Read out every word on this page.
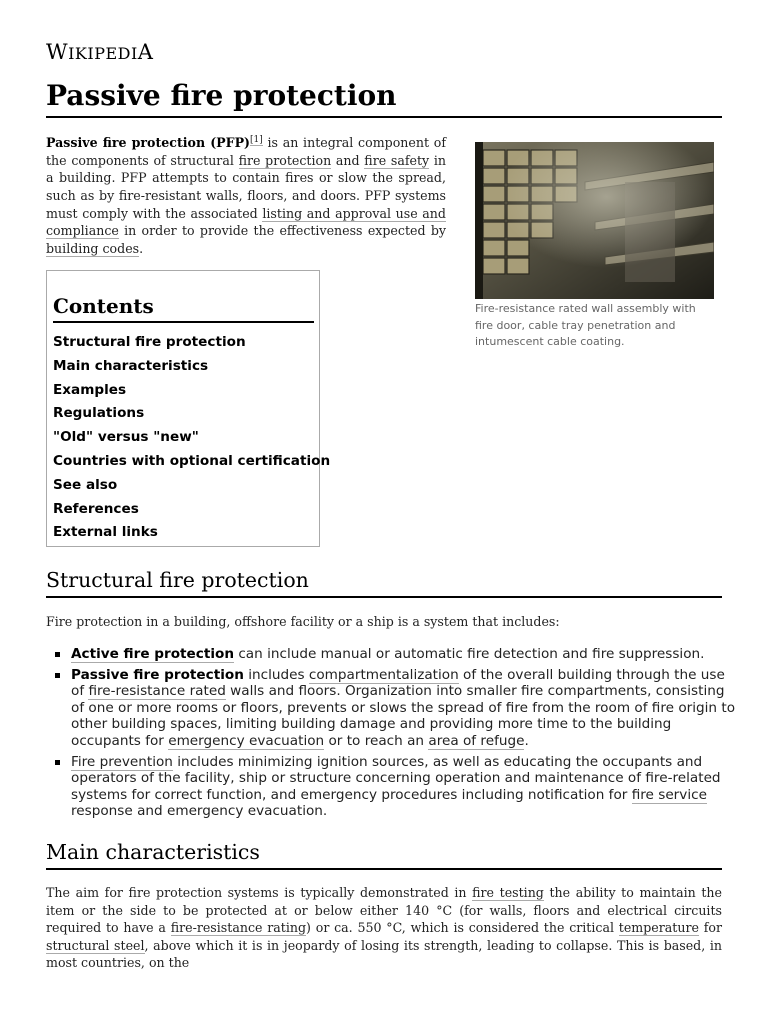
WIKIPEDIA
Passive fire protection

Passive fire protection (PFP)[1] is an integral component of the components of structural fire protection and fire safety in a building. PFP attempts to contain fires or slow the spread, such as by fire-resistant walls, floors, and doors. PFP systems must comply with the associated listing and approval use and compliance in order to provide the effectiveness expected by building codes.

Fire-resistance rated wall assembly with fire door, cable tray penetration and intumescent cable coating.
Contents
Structural fire protection
Main characteristics
Examples
Regulations
"Old" versus "new"
Countries with optional certification
See also
References
External links
Structural fire protection

Fire protection in a building, offshore facility or a ship is a system that includes:

Active fire protection can include manual or automatic fire detection and fire suppression.
Passive fire protection includes compartmentalization of the overall building through the use of fire-resistance rated walls and floors. Organization into smaller fire compartments, consisting of one or more rooms or floors, prevents or slows the spread of fire from the room of fire origin to other building spaces, limiting building damage and providing more time to the building occupants for emergency evacuation or to reach an area of refuge.
Fire prevention includes minimizing ignition sources, as well as educating the occupants and operators of the facility, ship or structure concerning operation and maintenance of fire-related systems for correct function, and emergency procedures including notification for fire service response and emergency evacuation.
Main characteristics

The aim for fire protection systems is typically demonstrated in fire testing the ability to maintain the item or the side to be protected at or below either 140 °C (for walls, floors and electrical circuits required to have a fire-resistance rating) or ca. 550 °C, which is considered the critical temperature for structural steel, above which it is in jeopardy of losing its strength, leading to collapse. This is based, in most countries, on the
